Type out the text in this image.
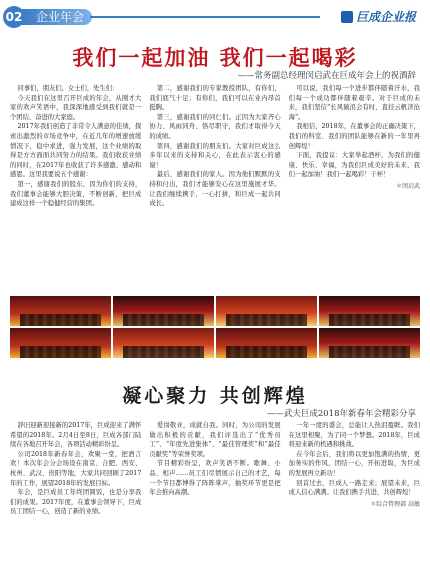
02	企业年会	巨成企业报
我们一起加油 我们一起喝彩
——常务副总经理闵启武在巨成年会上的祝酒辞

同事们，朋友们，女士们，先生们：

今天我们在这里召开巨成的年会，从刚才大家的欢声笑语中，我深深地感受到我们就是一个团结、奋进的大家庭。

2017年我们创造了非常令人满意的佳绩，探索出激烈的市场竞争中，在近几年的增速放缓情况下，稳中求进，强力发展，这个业绩的取得是方方面面共同努力的结果。我们收获业绩的同时，在2017年也收获了许多感激、感动和感恩。这里我要说五个感谢：

第一，感谢我们的股东，因为你们的支持，我们董事会能够大胆决策，不断创新，把巨成建成这样一个稳健经营的集团。

第二，感谢我们的专家教授团队，有你们，我们底气十足；有你们，我们可以在业内昂首挺胸。

第三，感谢我们的同仁们。正因为大家齐心协力、风雨同舟、恪尽职守，我们才取得今天的成绩。

第四，感谢我们的朋友们。大家对巨成这么多年以来的支持和关心，在此表示衷心的感谢！

最后，感谢我们的家人。因为他们默默的支持和付出，我们才能够安心在这里施展才华。让我们继续携手，一心打拼，和巨成一起共同成长。

可以说，我们每一个进步都伴随着汗水，我们每一个成功都伴随着艰辛。对于巨成的未来，我们坚信“长风破浪会有时，直挂云帆济沧海”。

我相信，2018年，在董事会的正确决策下，我们的科室、我们的团队能够在新的一年里再创辉煌！

下面，我提议：大家举起酒杯，为我们的健康、快乐、幸福，为我们巨成美好的未来，我们一起加油！我们一起喝彩！干杯！

＊闵启武
凝心聚力 共创辉煌
——武夫巨成2018年新春年会精彩分享

辞旧迎新迎接新的2017年，巨成迎来了满怀希望的2018年。2月4日至8日，巨成各部门陆续在各地召开年会，各项活动精彩纷呈。

公司2018年新春年会，欢聚一堂，把酒言欢！本次年会分会场设在南京、合肥、西安、杭州、武汉、贵阳等地，大家共同回顾了2017年的工作，展望2018年的发展目标。

年会，是巨成员工年终团圆饭，也是分享我们的成果。2017年度，在董事会领导下，巨成员工团结一心，创造了新的业绩。

爱岗敬业，成就自我。同时，为公司的发展做出积极的贡献，我们评选出了“优秀员工”、“年度先进集体”、“最佳管理奖”和“最佳贡献奖”等荣誉奖项。

节目精彩纷呈，欢声笑语不断。歌舞、小品、相声……员工们尽情展示自己的才艺，每一个节目都博得了阵阵掌声。抽奖环节更是把年会推向高潮。

一年一度的盛会，总能让人热泪盈眶。我们在这里相聚，为了同一个梦想。2018年，巨成将迎来新的机遇和挑战。

在今年会后，我们将以更加饱满的热情、更加务实的作风，团结一心，开拓进取，为巨成的发展再立新功！

回首过去，巨成人一路走来；展望未来，巨成人信心满满。让我们携手共进，共创辉煌！

＊综合管理部 高敏
